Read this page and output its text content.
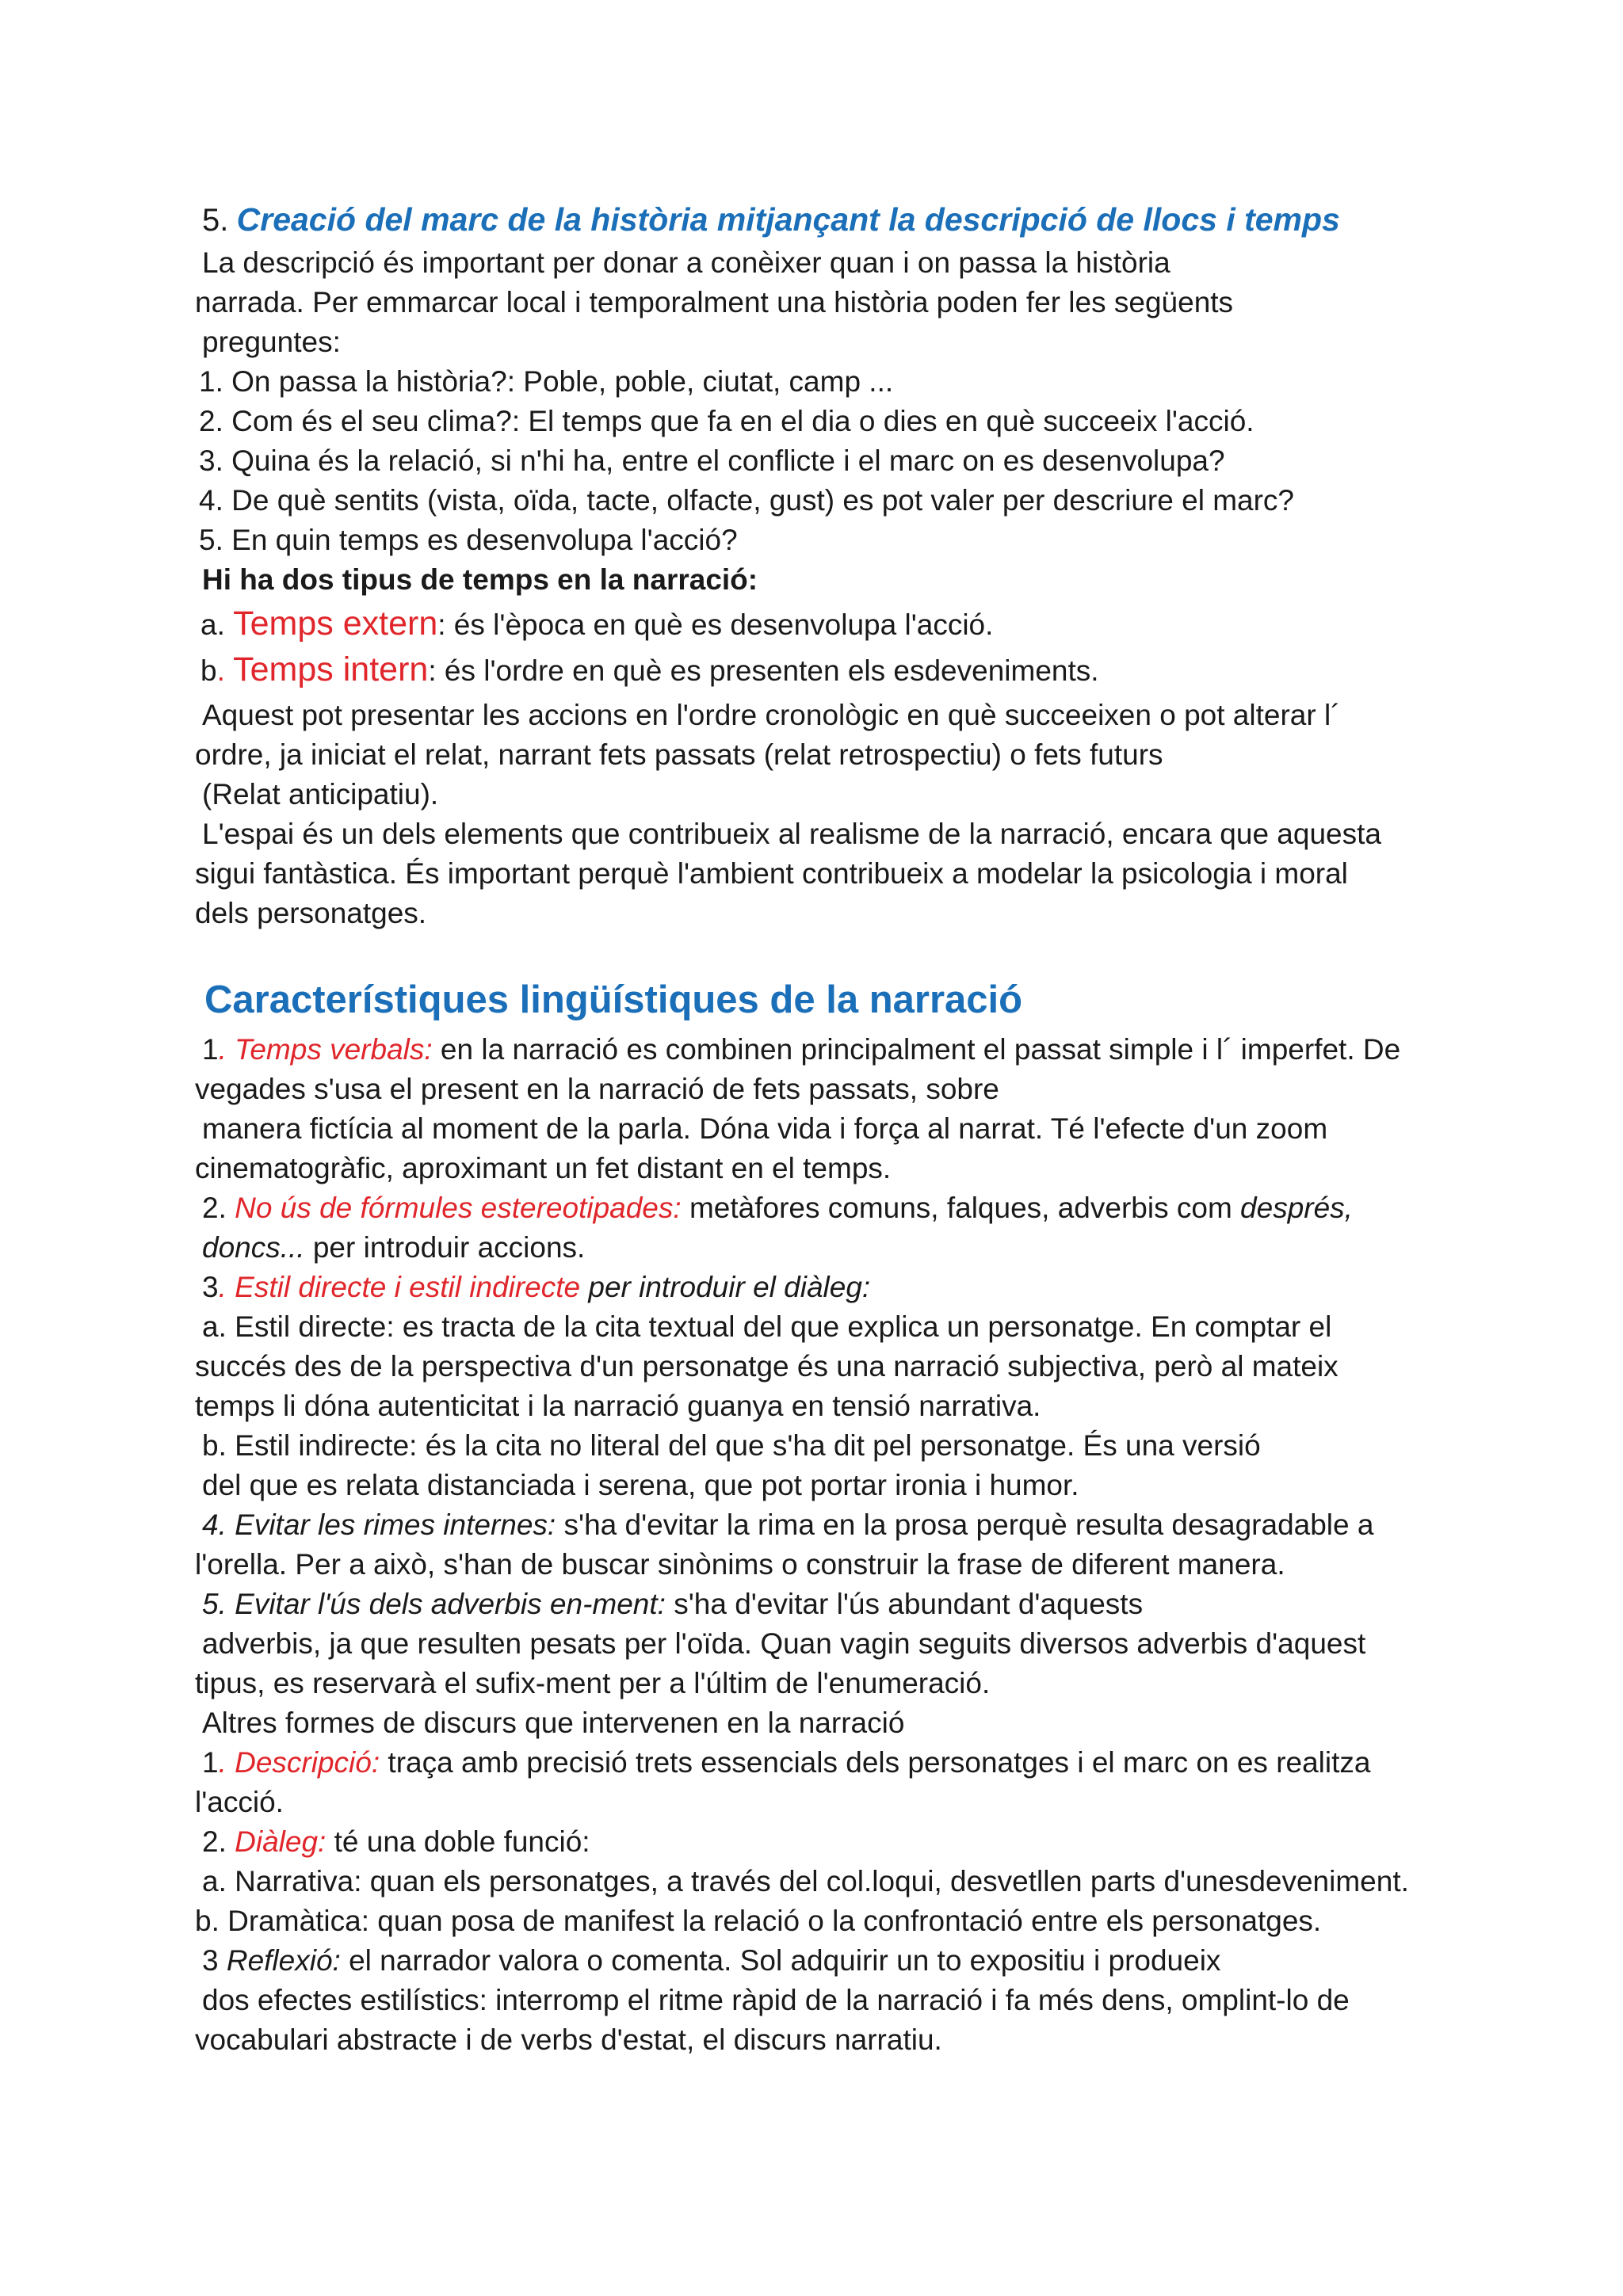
5. Creació del marc de la història mitjançant la descripció de llocs i temps
La descripció és important per donar a conèixer quan i on passa la història
narrada. Per emmarcar local i temporalment una història poden fer les següents
preguntes:
1. On passa la història?: Poble, poble, ciutat, camp ...
2. Com és el seu clima?: El temps que fa en el dia o dies en què succeeix l'acció.
3. Quina és la relació, si n'hi ha, entre el conflicte i el marc on es desenvolupa?
4. De què sentits (vista, oïda, tacte, olfacte, gust) es pot valer per descriure el marc?
5. En quin temps es desenvolupa l'acció?
Hi ha dos tipus de temps en la narració:
a. Temps extern: és l'època en què es desenvolupa l'acció.
b. Temps intern: és l'ordre en què es presenten els esdeveniments.
Aquest pot presentar les accions en l'ordre cronològic en què succeeixen o pot alterar l´
ordre, ja iniciat el relat, narrant fets passats (relat retrospectiu) o fets futurs
(Relat anticipatiu).
L'espai és un dels elements que contribueix al realisme de la narració, encara que aquesta
sigui fantàstica. És important perquè l'ambient contribueix a modelar la psicologia i moral
dels personatges.
Característiques lingüístiques de la narració
1. Temps verbals: en la narració es combinen principalment el passat simple i l´ imperfet. De
vegades s'usa el present en la narració de fets passats, sobre
manera fictícia al moment de la parla. Dóna vida i força al narrat. Té l'efecte d'un zoom
cinematogràfic, aproximant un fet distant en el temps.
2. No ús de fórmules estereotipades: metàfores comuns, falques, adverbis com després,
doncs... per introduir accions.
3. Estil directe i estil indirecte per introduir el diàleg:
a. Estil directe: es tracta de la cita textual del que explica un personatge. En comptar el
succés des de la perspectiva d'un personatge és una narració subjectiva, però al mateix
temps li dóna autenticitat i la narració guanya en tensió narrativa.
b. Estil indirecte: és la cita no literal del que s'ha dit pel personatge. És una versió
del que es relata distanciada i serena, que pot portar ironia i humor.
4. Evitar les rimes internes: s'ha d'evitar la rima en la prosa perquè resulta desagradable a
l'orella. Per a això, s'han de buscar sinònims o construir la frase de diferent manera.
5. Evitar l'ús dels adverbis en-ment: s'ha d'evitar l'ús abundant d'aquests
adverbis, ja que resulten pesats per l'oïda. Quan vagin seguits diversos adverbis d'aquest
tipus, es reservarà el sufix-ment per a l'últim de l'enumeració.
Altres formes de discurs que intervenen en la narració
1. Descripció: traça amb precisió trets essencials dels personatges i el marc on es realitza
l'acció.
2. Diàleg: té una doble funció:
a. Narrativa: quan els personatges, a través del col.loqui, desvetllen parts d'unesdeveniment.
b. Dramàtica: quan posa de manifest la relació o la confrontació entre els personatges.
3 Reflexió: el narrador valora o comenta. Sol adquirir un to expositiu i produeix
dos efectes estilístics: interromp el ritme ràpid de la narració i fa més dens, omplint-lo de
vocabulari abstracte i de verbs d'estat, el discurs narratiu.
